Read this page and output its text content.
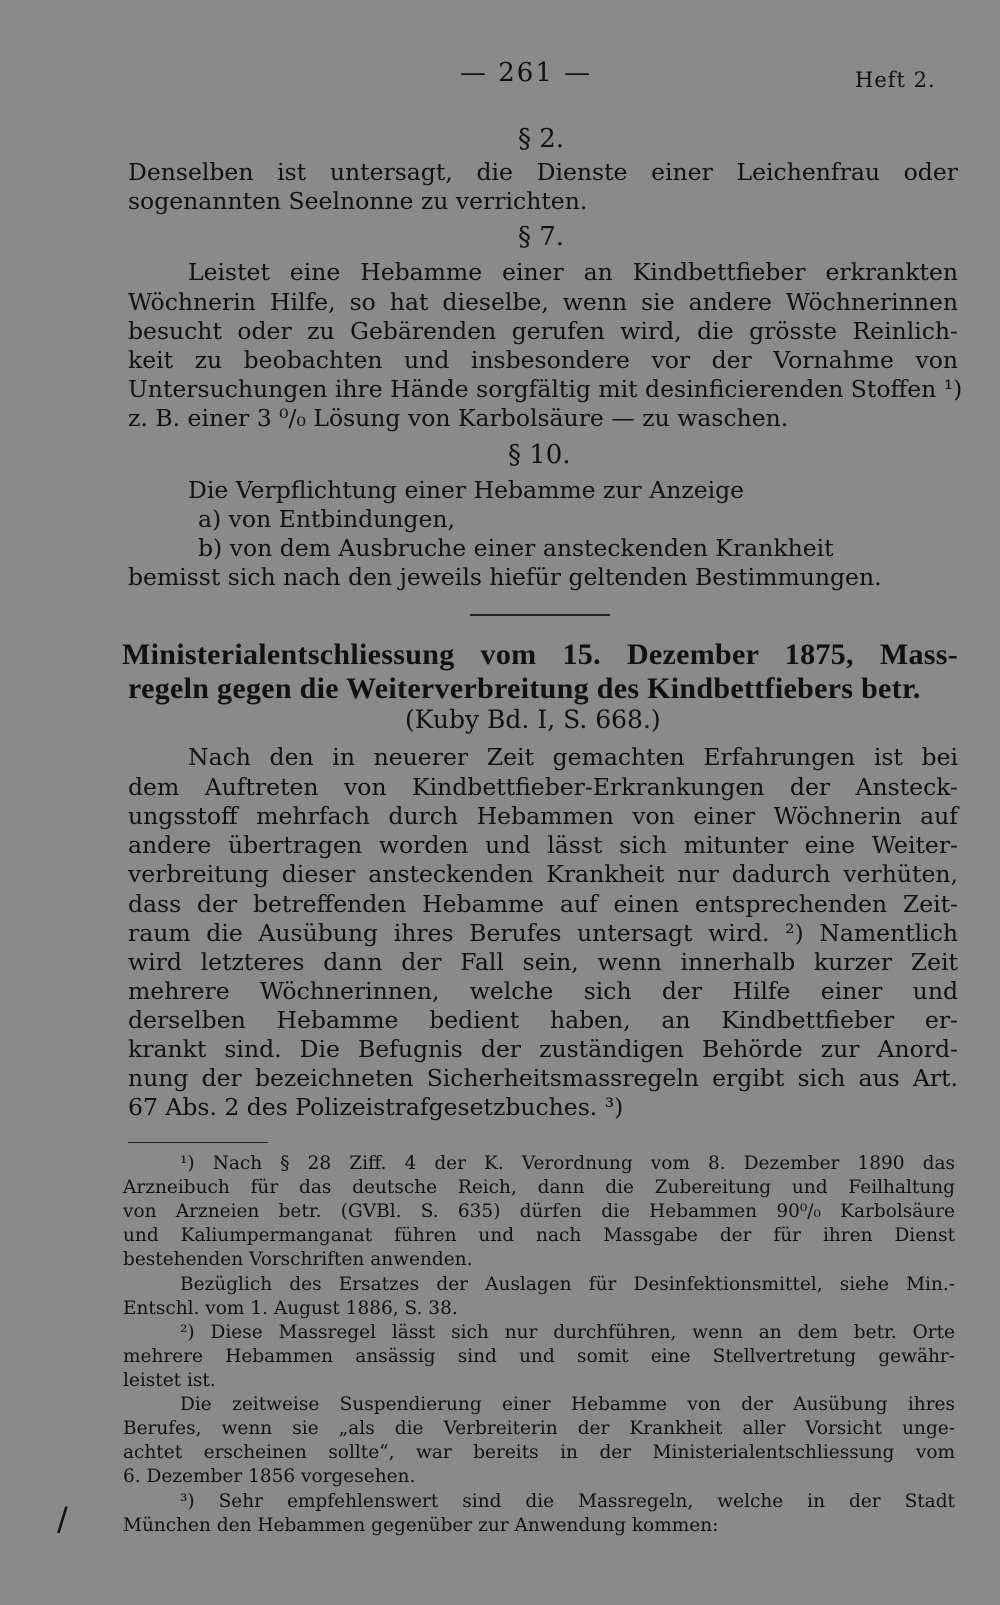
— 261 —	Heft 2.
§ 2.
Denselben ist untersagt, die Dienste einer Leichenfrau oder
sogenannten Seelnonne zu verrichten.
§ 7.
Leistet eine Hebamme einer an Kindbettfieber erkrankten
Wöchnerin Hilfe, so hat dieselbe, wenn sie andere Wöchnerinnen
besucht oder zu Gebärenden gerufen wird, die grösste Reinlich-
keit zu beobachten und insbesondere vor der Vornahme von
Untersuchungen ihre Hände sorgfältig mit desinficierenden Stoffen ¹)
z. B. einer 3 ⁰/₀ Lösung von Karbolsäure — zu waschen.
§ 10.
Die Verpflichtung einer Hebamme zur Anzeige
a) von Entbindungen,
b) von dem Ausbruche einer ansteckenden Krankheit
bemisst sich nach den jeweils hiefür geltenden Bestimmungen.
Ministerialentschliessung vom 15. Dezember 1875, Mass-
regeln gegen die Weiterverbreitung des Kindbettfiebers betr.
(Kuby Bd. I, S. 668.)
Nach den in neuerer Zeit gemachten Erfahrungen ist bei
dem Auftreten von Kindbettfieber-Erkrankungen der Ansteck-
ungsstoff mehrfach durch Hebammen von einer Wöchnerin auf
andere übertragen worden und lässt sich mitunter eine Weiter-
verbreitung dieser ansteckenden Krankheit nur dadurch verhüten,
dass der betreffenden Hebamme auf einen entsprechenden Zeit-
raum die Ausübung ihres Berufes untersagt wird. ²) Namentlich
wird letzteres dann der Fall sein, wenn innerhalb kurzer Zeit
mehrere Wöchnerinnen, welche sich der Hilfe einer und
derselben Hebamme bedient haben, an Kindbettfieber er-
krankt sind. Die Befugnis der zuständigen Behörde zur Anord-
nung der bezeichneten Sicherheitsmassregeln ergibt sich aus Art.
67 Abs. 2 des Polizeistrafgesetzbuches. ³)
¹) Nach § 28 Ziff. 4 der K. Verordnung vom 8. Dezember 1890 das
Arzneibuch für das deutsche Reich, dann die Zubereitung und Feilhaltung
von Arzneien betr. (GVBl. S. 635) dürfen die Hebammen 90⁰/₀ Karbolsäure
und Kaliumpermanganat führen und nach Massgabe der für ihren Dienst
bestehenden Vorschriften anwenden.
Bezüglich des Ersatzes der Auslagen für Desinfektionsmittel, siehe Min.-
Entschl. vom 1. August 1886, S. 38.
²) Diese Massregel lässt sich nur durchführen, wenn an dem betr. Orte
mehrere Hebammen ansässig sind und somit eine Stellvertretung gewähr-
leistet ist.
Die zeitweise Suspendierung einer Hebamme von der Ausübung ihres
Berufes, wenn sie „als die Verbreiterin der Krankheit aller Vorsicht unge-
achtet erscheinen sollte“, war bereits in der Ministerialentschliessung vom
6. Dezember 1856 vorgesehen.
³) Sehr empfehlenswert sind die Massregeln, welche in der Stadt
München den Hebammen gegenüber zur Anwendung kommen:
/
